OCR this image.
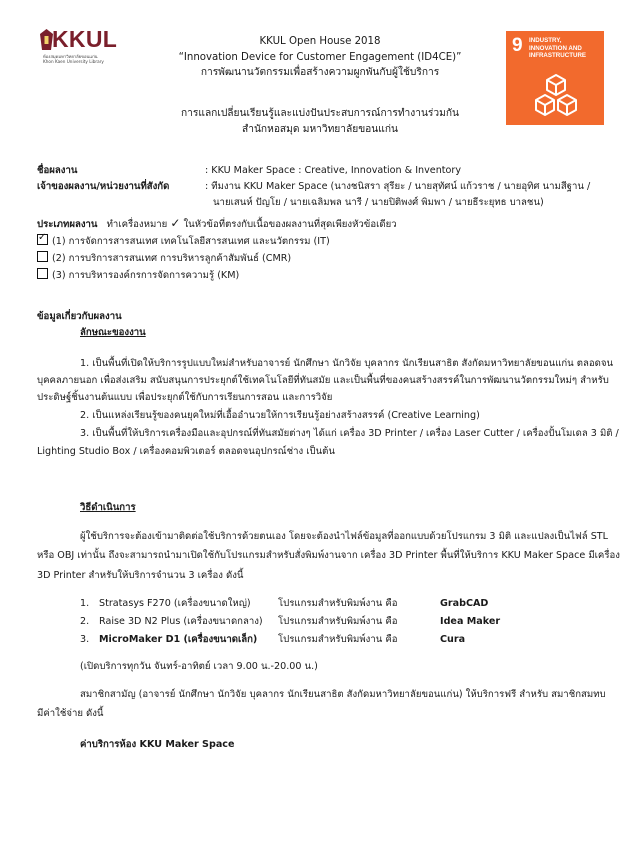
KKUL
ห้องสมุดมหาวิทยาลัยขอนแก่น
Khon Kaen University Library
KKUL Open House 2018
“Innovation Device for Customer Engagement (ID4CE)”
การพัฒนานวัตกรรมเพื่อสร้างความผูกพันกับผู้ใช้บริการ
การแลกเปลี่ยนเรียนรู้และแบ่งปันประสบการณ์การทำงานร่วมกัน
สำนักหอสมุด มหาวิทยาลัยขอนแก่น
9 INDUSTRY, INNOVATION AND INFRASTRUCTURE
ชื่อผลงาน	: KKU Maker Space : Creative, Innovation & Inventory
เจ้าของผลงาน/หน่วยงานที่สังกัด	: ทีมงาน KKU Maker Space (นางชนิสรา สุรียะ / นายสุทัศน์ แก้วราช / นายอุทิศ นามสีฐาน /
นายเสนห์ ปัญโย / นายเฉลิมพล นารี / นายปิติพงศ์ พิมพา / นายธีระยุทธ บาลชน)
ประเภทผลงาน ทำเครื่องหมาย ✓ ในหัวข้อที่ตรงกับเนื้อของผลงานที่สุดเพียงหัวข้อเดียว
✓(1) การจัดการสารสนเทศ เทคโนโลยีสารสนเทศ และนวัตกรรม (IT)
(2) การบริการสารสนเทศ การบริหารลูกค้าสัมพันธ์ (CMR)
(3) การบริหารองค์กรการจัดการความรู้ (KM)
ข้อมูลเกี่ยวกับผลงาน
ลักษณะของงาน
1. เป็นพื้นที่เปิดให้บริการรูปแบบใหม่สำหรับอาจารย์ นักศึกษา นักวิจัย บุคลากร นักเรียนสาธิต สังกัดมหาวิทยาลัยขอนแก่น ตลอดจน
บุคคลภายนอก เพื่อส่งเสริม สนับสนุนการประยุกต์ใช้เทคโนโลยีที่ทันสมัย และเป็นพื้นที่ของคนสร้างสรรค์ในการพัฒนานวัตกรรมใหม่ๆ สำหรับ
ประดิษฐ์ชิ้นงานต้นแบบ เพื่อประยุกต์ใช้กับการเรียนการสอน และการวิจัย
2. เป็นแหล่งเรียนรู้ของคนยุคใหม่ที่เอื้ออำนวยให้การเรียนรู้อย่างสร้างสรรค์ (Creative Learning)
3. เป็นพื้นที่ให้บริการเครื่องมือและอุปกรณ์ที่ทันสมัยต่างๆ ได้แก่ เครื่อง 3D Printer / เครื่อง Laser Cutter / เครื่องปั้นโมเดล 3 มิติ /
Lighting Studio Box / เครื่องคอมพิวเตอร์ ตลอดจนอุปกรณ์ช่าง เป็นต้น
วิธีดำเนินการ
ผู้ใช้บริการจะต้องเข้ามาติดต่อใช้บริการด้วยตนเอง โดยจะต้องนำไฟล์ข้อมูลที่ออกแบบด้วยโปรแกรม 3 มิติ และแปลงเป็นไฟล์ STL
หรือ OBJ เท่านั้น ถึงจะสามารถนำมาเปิดใช้กับโปรแกรมสำหรับสั่งพิมพ์งานจาก เครื่อง 3D Printer พื้นที่ให้บริการ KKU Maker Space มีเครื่อง
3D Printer สำหรับให้บริการจำนวน 3 เครื่อง ดังนี้
1. Stratasys F270 (เครื่องขนาดใหญ่)	โปรแกรมสำหรับพิมพ์งาน คือ	GrabCAD
2. Raise 3D N2 Plus (เครื่องขนาดกลาง) โปรแกรมสำหรับพิมพ์งาน คือ	Idea Maker
3. MicroMaker D1 (เครื่องขนาดเล็ก) โปรแกรมสำหรับพิมพ์งาน คือ	Cura
(เปิดบริการทุกวัน จันทร์-อาทิตย์ เวลา 9.00 น.-20.00 น.)
สมาชิกสามัญ (อาจารย์ นักศึกษา นักวิจัย บุคลากร นักเรียนสาธิต สังกัดมหาวิทยาลัยขอนแก่น) ให้บริการฟรี สำหรับ สมาชิกสมทบ
มีค่าใช้จ่าย ดังนี้
ค่าบริการห้อง KKU Maker Space
